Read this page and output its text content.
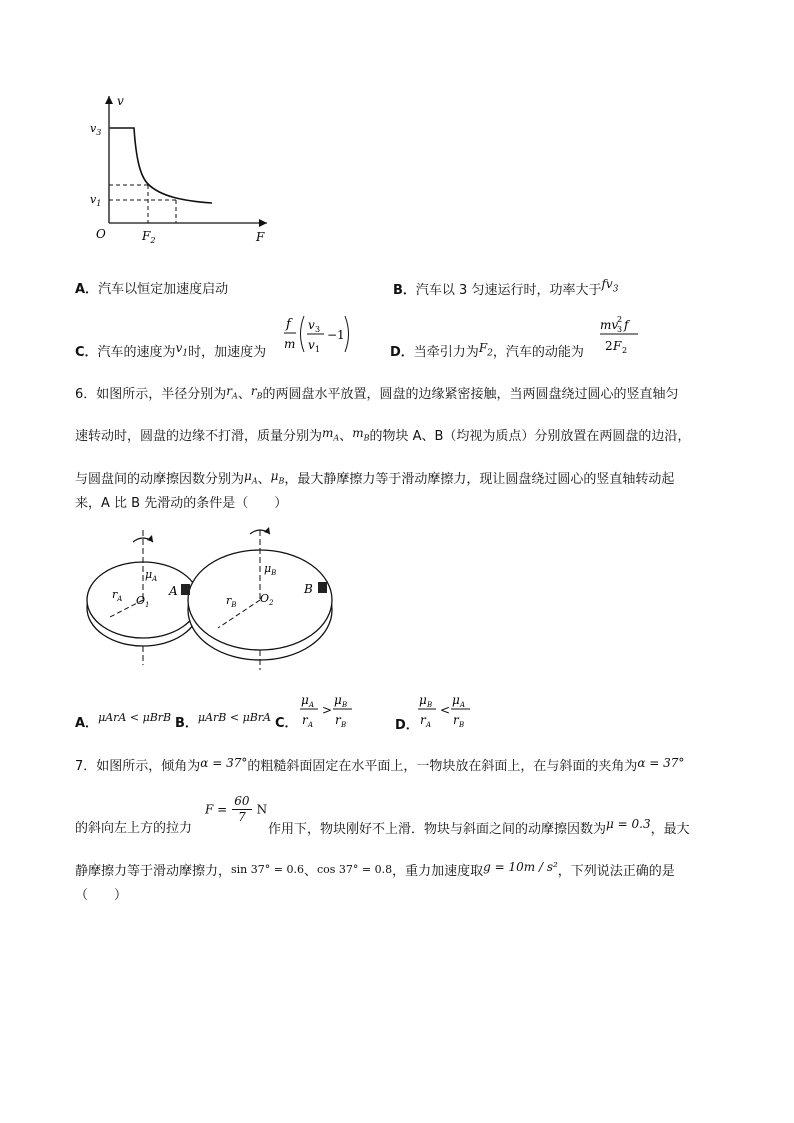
v
F
O
$v_3$
$v_1$
$F_2$
A．汽车以恒定加速度启动	B．汽车以 3 匀速运行时，功率大于$fv_3$
C．汽车的速度为$v_1$时，加速度为
f
m
v 3
v 1
−1
D．当牵引力为$F_2$，汽车的动能为
mv
2
3 f
2 F 2
6．如图所示，半径分别为$r_A$、$r_B$的两圆盘水平放置，圆盘的边缘紧密接触，当两圆盘绕过圆心的竖直轴匀
速转动时，圆盘的边缘不打滑，质量分别为$m_A$、$m_B$的物块 A、B（均视为质点）分别放置在两圆盘的边沿，
与圆盘间的动摩擦因数分别为$\mu_A$、$\mu_B$，最大静摩擦力等于滑动摩擦力，现让圆盘绕过圆心的竖直轴转动起
来，A 比 B 先滑动的条件是（　　）
$\mu_A$
$\mu_B$
$r_A$	$r_B$
$O_1$	$O_2$
A	B
A．$^{\mu ArA < \mu BrB}$ B．$^{\mu ArB < \mu BrA}$ C．
μ A
r A
>
μ B
r B	D．
μ B
r A
<
μ A
r B
7．如图所示，倾角为α = 37°的粗糙斜面固定在水平面上，一物块放在斜面上，在与斜面的夹角为α = 37°
的斜向左上方的拉力
$F = \frac{60}{7}$ N
作用下，物块刚好不上滑．物块与斜面之间的动摩擦因数为μ = 0.3，最大
静摩擦力等于滑动摩擦力，sin 37° = 0.6、cos 37° = 0.8，重力加速度取g = 10m / s²，下列说法正确的是
（　　）
